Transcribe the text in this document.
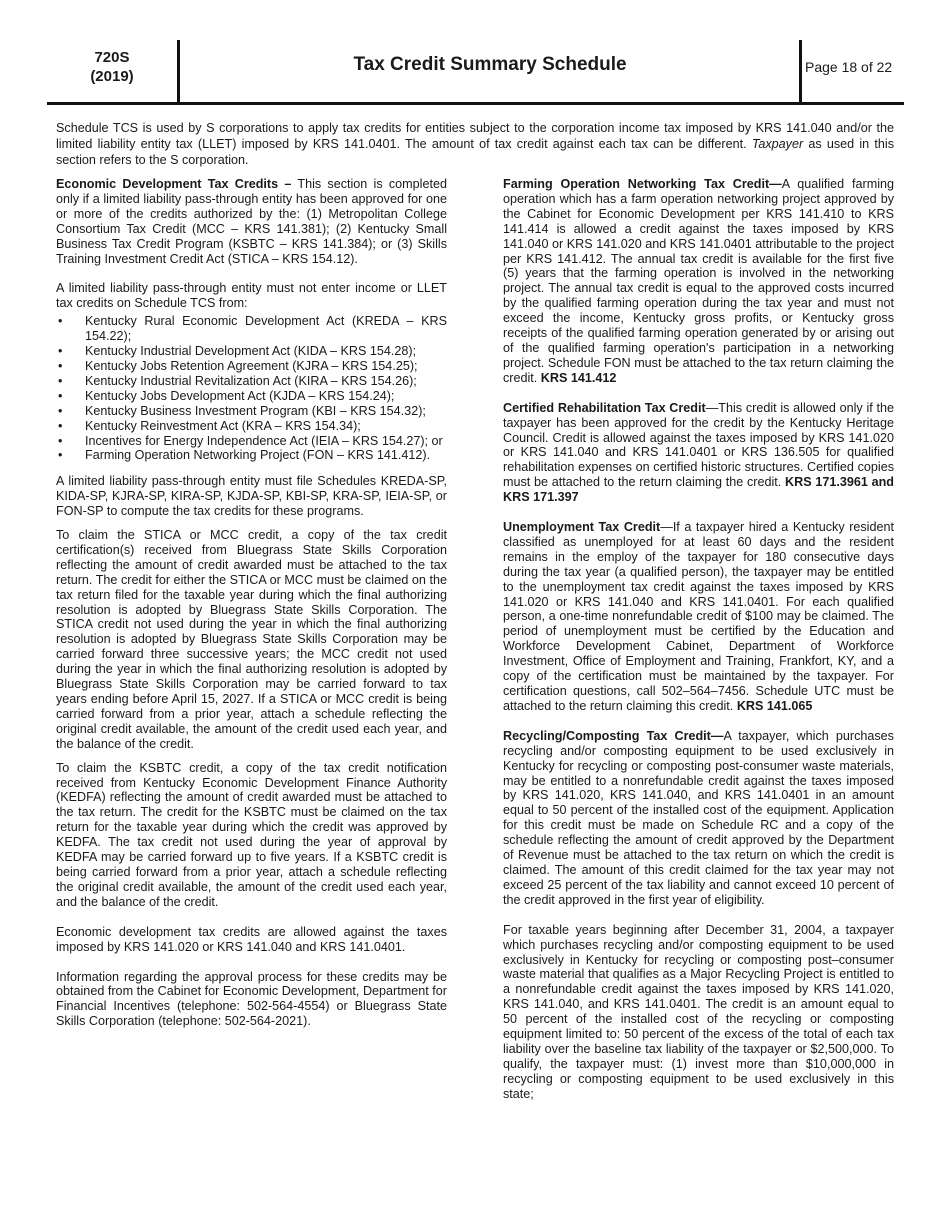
720S
(2019)
Tax Credit Summary Schedule	Page 18 of 22
Schedule TCS is used by S corporations to apply tax credits for entities subject to the corporation income tax imposed by KRS 141.040 and/or the limited liability entity tax (LLET) imposed by KRS 141.0401. The amount of tax credit against each tax can be different. Taxpayer as used in this section refers to the S corporation.

Economic Development Tax Credits – This section is completed only if a limited liability pass-through entity has been approved for one or more of the credits authorized by the: (1) Metropolitan College Consortium Tax Credit (MCC – KRS 141.381); (2) Kentucky Small Business Tax Credit Program (KSBTC – KRS 141.384); or (3) Skills Training Investment Credit Act (STICA – KRS 154.12).

A limited liability pass-through entity must not enter income or LLET tax credits on Schedule TCS from:

• Kentucky Rural Economic Development Act (KREDA – KRS 154.22);
• Kentucky Industrial Development Act (KIDA – KRS 154.28);
• Kentucky Jobs Retention Agreement (KJRA – KRS 154.25);
• Kentucky Industrial Revitalization Act (KIRA – KRS 154.26);
• Kentucky Jobs Development Act (KJDA – KRS 154.24);
• Kentucky Business Investment Program (KBI – KRS 154.32);
• Kentucky Reinvestment Act (KRA – KRS 154.34);
• Incentives for Energy Independence Act (IEIA – KRS 154.27); or
• Farming Operation Networking Project (FON – KRS 141.412).

A limited liability pass-through entity must file Schedules KREDA-SP, KIDA-SP, KJRA-SP, KIRA-SP, KJDA-SP, KBI-SP, KRA-SP, IEIA-SP, or FON-SP to compute the tax credits for these programs.

To claim the STICA or MCC credit, a copy of the tax credit certification(s) received from Bluegrass State Skills Corporation reflecting the amount of credit awarded must be attached to the tax return. The credit for either the STICA or MCC must be claimed on the tax return filed for the taxable year during which the final authorizing resolution is adopted by Bluegrass State Skills Corporation. The STICA credit not used during the year in which the final authorizing resolution is adopted by Bluegrass State Skills Corporation may be carried forward three successive years; the MCC credit not used during the year in which the final authorizing resolution is adopted by Bluegrass State Skills Corporation may be carried forward to tax years ending before April 15, 2027. If a STICA or MCC credit is being carried forward from a prior year, attach a schedule reflecting the original credit available, the amount of the credit used each year, and the balance of the credit.

To claim the KSBTC credit, a copy of the tax credit notification received from Kentucky Economic Development Finance Authority (KEDFA) reflecting the amount of credit awarded must be attached to the tax return. The credit for the KSBTC must be claimed on the tax return for the taxable year during which the credit was approved by KEDFA. The tax credit not used during the year of approval by KEDFA may be carried forward up to five years. If a KSBTC credit is being carried forward from a prior year, attach a schedule reflecting the original credit available, the amount of the credit used each year, and the balance of the credit.

Economic development tax credits are allowed against the taxes imposed by KRS 141.020 or KRS 141.040 and KRS 141.0401.

Information regarding the approval process for these credits may be obtained from the Cabinet for Economic Development, Department for Financial Incentives (telephone: 502-564-4554) or Bluegrass State Skills Corporation (telephone: 502-564-2021).

Farming Operation Networking Tax Credit—A qualified farming operation which has a farm operation networking project approved by the Cabinet for Economic Development per KRS 141.410 to KRS 141.414 is allowed a credit against the taxes imposed by KRS 141.040 or KRS 141.020 and KRS 141.0401 attributable to the project per KRS 141.412. The annual tax credit is available for the first five (5) years that the farming operation is involved in the networking project. The annual tax credit is equal to the approved costs incurred by the qualified farming operation during the tax year and must not exceed the income, Kentucky gross profits, or Kentucky gross receipts of the qualified farming operation generated by or arising out of the qualified farming operation's participation in a networking project. Schedule FON must be attached to the tax return claiming the credit. KRS 141.412

Certified Rehabilitation Tax Credit—This credit is allowed only if the taxpayer has been approved for the credit by the Kentucky Heritage Council. Credit is allowed against the taxes imposed by KRS 141.020 or KRS 141.040 and KRS 141.0401 or KRS 136.505 for qualified rehabilitation expenses on certified historic structures. Certified copies must be attached to the return claiming the credit. KRS 171.3961 and KRS 171.397

Unemployment Tax Credit—If a taxpayer hired a Kentucky resident classified as unemployed for at least 60 days and the resident remains in the employ of the taxpayer for 180 consecutive days during the tax year (a qualified person), the taxpayer may be entitled to the unemployment tax credit against the taxes imposed by KRS 141.020 or KRS 141.040 and KRS 141.0401. For each qualified person, a one-time nonrefundable credit of $100 may be claimed. The period of unemployment must be certified by the Education and Workforce Development Cabinet, Department of Workforce Investment, Office of Employment and Training, Frankfort, KY, and a copy of the certification must be maintained by the taxpayer. For certification questions, call 502–564–7456. Schedule UTC must be attached to the return claiming this credit. KRS 141.065

Recycling/Composting Tax Credit—A taxpayer, which purchases recycling and/or composting equipment to be used exclusively in Kentucky for recycling or composting post-consumer waste materials, may be entitled to a nonrefundable credit against the taxes imposed by KRS 141.020, KRS 141.040, and KRS 141.0401 in an amount equal to 50 percent of the installed cost of the equipment. Application for this credit must be made on Schedule RC and a copy of the schedule reflecting the amount of credit approved by the Department of Revenue must be attached to the tax return on which the credit is claimed. The amount of this credit claimed for the tax year may not exceed 25 percent of the tax liability and cannot exceed 10 percent of the credit approved in the first year of eligibility.

For taxable years beginning after December 31, 2004, a taxpayer which purchases recycling and/or composting equipment to be used exclusively in Kentucky for recycling or composting post–consumer waste material that qualifies as a Major Recycling Project is entitled to a nonrefundable credit against the taxes imposed by KRS 141.020, KRS 141.040, and KRS 141.0401. The credit is an amount equal to 50 percent of the installed cost of the recycling or composting equipment limited to: 50 percent of the excess of the total of each tax liability over the baseline tax liability of the taxpayer or $2,500,000. To qualify, the taxpayer must: (1) invest more than $10,000,000 in recycling or composting equipment to be used exclusively in this state;
